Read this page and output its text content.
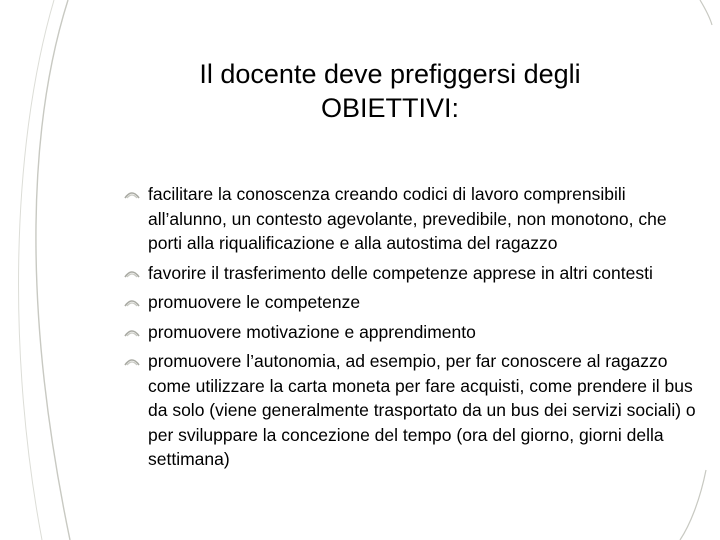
Il docente deve prefiggersi degli
OBIETTIVI:
facilitare la conoscenza creando codici di lavoro comprensibili all’alunno, un contesto agevolante, prevedibile, non monotono, che porti alla riqualificazione e alla autostima del ragazzo
favorire il trasferimento delle competenze apprese in altri contesti
promuovere le competenze
promuovere motivazione e apprendimento
promuovere l’autonomia, ad esempio, per far conoscere al ragazzo come utilizzare la carta moneta per fare acquisti, come prendere il bus da solo (viene generalmente trasportato da un bus dei servizi sociali) o per sviluppare la concezione del tempo (ora del giorno, giorni della settimana)
